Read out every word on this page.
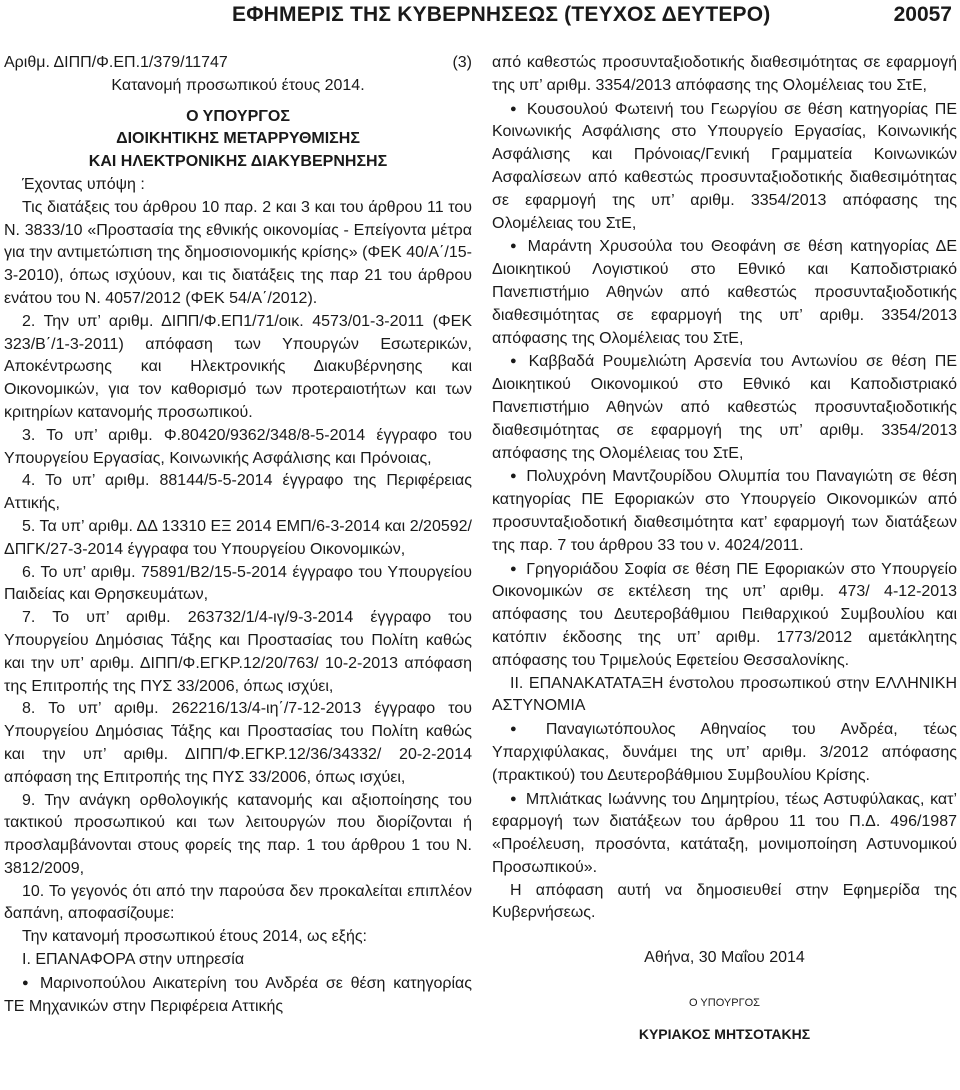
ΕΦΗΜΕΡΙΣ ΤΗΣ ΚΥΒΕΡΝΗΣΕΩΣ (ΤΕΥΧΟΣ ΔΕΥΤΕΡΟ)	20057
Αριθμ. ΔΙΠΠ/Φ.ΕΠ.1/379/11747	(3)

Κατανομή προσωπικού έτους 2014.

Ο ΥΠΟΥΡΓΟΣ

ΔΙΟΙΚΗΤΙΚΗΣ ΜΕΤΑΡΡΥΘΜΙΣΗΣ

ΚΑΙ ΗΛΕΚΤΡΟΝΙΚΗΣ ΔΙΑΚΥΒΕΡΝΗΣΗΣ

Έχοντας υπόψη :

Τις διατάξεις του άρθρου 10 παρ. 2 και 3 και του άρθρου 11 του Ν. 3833/10 «Προστασία της εθνικής οικονομίας - Επείγοντα μέτρα για την αντιμετώπιση της δημοσιονομικής κρίσης» (ΦΕΚ 40/Α΄/15-3-2010), όπως ισχύουν, και τις διατάξεις της παρ 21 του άρθρου ενάτου του Ν. 4057/2012 (ΦΕΚ 54/Α΄/2012).

2. Την υπ’ αριθμ. ΔΙΠΠ/Φ.ΕΠ1/71/οικ. 4573/01-3-2011 (ΦΕΚ 323/Β΄/1-3-2011) απόφαση των Υπουργών Εσωτερικών, Αποκέντρωσης και Ηλεκτρονικής Διακυβέρνησης και Οικονομικών, για τον καθορισμό των προτεραιοτήτων και των κριτηρίων κατανομής προσωπικού.

3. Το υπ’ αριθμ. Φ.80420/9362/348/8-5-2014 έγγραφο του Υπουργείου Εργασίας, Κοινωνικής Ασφάλισης και Πρόνοιας,

4. Το υπ’ αριθμ. 88144/5-5-2014 έγγραφο της Περιφέρειας Αττικής,

5. Τα υπ’ αριθμ. ΔΔ 13310 ΕΞ 2014 ΕΜΠ/6-3-2014 και 2/20592/ΔΠΓΚ/27-3-2014 έγγραφα του Υπουργείου Οικονομικών,

6. Το υπ’ αριθμ. 75891/Β2/15-5-2014 έγγραφο του Υπουργείου Παιδείας και Θρησκευμάτων,

7. Το υπ’ αριθμ. 263732/1/4-ιγ/9-3-2014 έγγραφο του Υπουργείου Δημόσιας Τάξης και Προστασίας του Πολίτη καθώς και την υπ’ αριθμ. ΔΙΠΠ/Φ.ΕΓΚΡ.12/20/763/ 10-2-2013 απόφαση της Επιτροπής της ΠΥΣ 33/2006, όπως ισχύει,

8. Το υπ’ αριθμ. 262216/13/4-ιη΄/7-12-2013 έγγραφο του Υπουργείου Δημόσιας Τάξης και Προστασίας του Πολίτη καθώς και την υπ’ αριθμ. ΔΙΠΠ/Φ.ΕΓΚΡ.12/36/34332/ 20-2-2014 απόφαση της Επιτροπής της ΠΥΣ 33/2006, όπως ισχύει,

9. Την ανάγκη ορθολογικής κατανομής και αξιοποίησης του τακτικού προσωπικού και των λειτουργών που διορίζονται ή προσλαμβάνονται στους φορείς της παρ. 1 του άρθρου 1 του Ν. 3812/2009,

10. Το γεγονός ότι από την παρούσα δεν προκαλείται επιπλέον δαπάνη, αποφασίζουμε:

Την κατανομή προσωπικού έτους 2014, ως εξής:

Ι. ΕΠΑΝΑΦΟΡΑ στην υπηρεσία

● Μαρινοπούλου Αικατερίνη του Ανδρέα σε θέση κατηγορίας ΤΕ Μηχανικών στην Περιφέρεια Αττικής

από καθεστώς προσυνταξιοδοτικής διαθεσιμότητας σε εφαρμογή της υπ’ αριθμ. 3354/2013 απόφασης της Ολομέλειας του ΣτΕ,

● Κουσουλού Φωτεινή του Γεωργίου σε θέση κατηγορίας ΠΕ Κοινωνικής Ασφάλισης στο Υπουργείο Εργασίας, Κοινωνικής Ασφάλισης και Πρόνοιας/Γενική Γραμματεία Κοινωνικών Ασφαλίσεων από καθεστώς προσυνταξιοδοτικής διαθεσιμότητας σε εφαρμογή της υπ’ αριθμ. 3354/2013 απόφασης της Ολομέλειας του ΣτΕ,

● Μαράντη Χρυσούλα του Θεοφάνη σε θέση κατηγορίας ΔΕ Διοικητικού Λογιστικού στο Εθνικό και Καποδιστριακό Πανεπιστήμιο Αθηνών από καθεστώς προσυνταξιοδοτικής διαθεσιμότητας σε εφαρμογή της υπ’ αριθμ. 3354/2013 απόφασης της Ολομέλειας του ΣτΕ,

● Καββαδά Ρουμελιώτη Αρσενία του Αντωνίου σε θέση ΠΕ Διοικητικού Οικονομικού στο Εθνικό και Καποδιστριακό Πανεπιστήμιο Αθηνών από καθεστώς προσυνταξιοδοτικής διαθεσιμότητας σε εφαρμογή της υπ’ αριθμ. 3354/2013 απόφασης της Ολομέλειας του ΣτΕ,

● Πολυχρόνη Μαντζουρίδου Ολυμπία του Παναγιώτη σε θέση κατηγορίας ΠΕ Εφοριακών στο Υπουργείο Οικονομικών από προσυνταξιοδοτική διαθεσιμότητα κατ’ εφαρμογή των διατάξεων της παρ. 7 του άρθρου 33 του ν. 4024/2011.

● Γρηγοριάδου Σοφία σε θέση ΠΕ Εφοριακών στο Υπουργείο Οικονομικών σε εκτέλεση της υπ’ αριθμ. 473/ 4-12-2013 απόφασης του Δευτεροβάθμιου Πειθαρχικού Συμβουλίου και κατόπιν έκδοσης της υπ’ αριθμ. 1773/2012 αμετάκλητης απόφασης του Τριμελούς Εφετείου Θεσσαλονίκης.

ΙΙ. ΕΠΑΝΑΚΑΤΑΤΑΞΗ ένστολου προσωπικού στην ΕΛΛΗΝΙΚΗ ΑΣΤΥΝΟΜΙΑ

● Παναγιωτόπουλος Αθηναίος του Ανδρέα, τέως Υπαρχιφύλακας, δυνάμει της υπ’ αριθμ. 3/2012 απόφασης (πρακτικού) του Δευτεροβάθμιου Συμβουλίου Κρίσης.

● Μπλιάτκας Ιωάννης του Δημητρίου, τέως Αστυφύλακας, κατ’ εφαρμογή των διατάξεων του άρθρου 11 του Π.Δ. 496/1987 «Προέλευση, προσόντα, κατάταξη, μονιμοποίηση Αστυνομικού Προσωπικού».

Η απόφαση αυτή να δημοσιευθεί στην Εφημερίδα της Κυβερνήσεως.

Αθήνα, 30 Μαΐου 2014

Ο ΥΠΟΥΡΓΟΣ

ΚΥΡΙΑΚΟΣ ΜΗΤΣΟΤΑΚΗΣ
